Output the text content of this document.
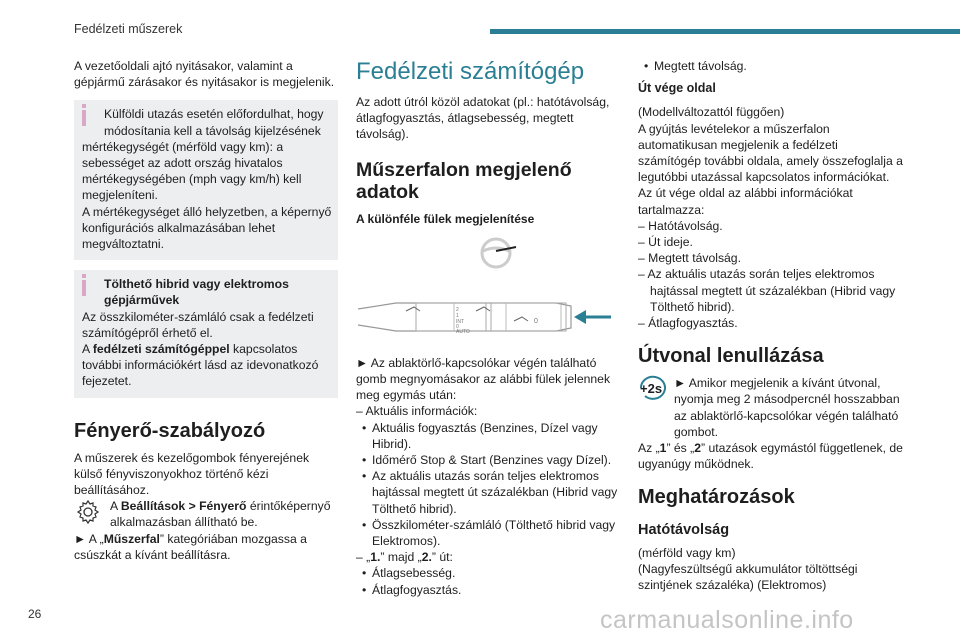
Fedélzeti műszerek

A vezetőoldali ajtó nyitásakor, valamint a gépjármű zárásakor és nyitásakor is megjelenik.

Külföldi utazás esetén előfordulhat, hogy

módosítania kell a távolság kijelzésének

mértékegységét (mérföld vagy km): a sebességet az adott ország hivatalos mértékegységében (mph vagy km/h) kell megjeleníteni.

A mértékegységet álló helyzetben, a képernyő konfigurációs alkalmazásában lehet megváltoztatni.

Tölthető hibrid vagy elektromos gépjárművek

Az összkilométer-számláló csak a fedélzeti számítógépről érhető el.

A fedélzeti számítógéppel kapcsolatos további információkért lásd az idevonatkozó fejezetet.

Fényerő-szabályozó

A műszerek és kezelőgombok fényerejének külső fényviszonyokhoz történő kézi beállításához.

A Beállítások > Fényerő érintőképernyő alkalmazásban állítható be.

► A „Műszerfal” kategóriában mozgassa a csúszkát a kívánt beállításra.

Fedélzeti számítógép

Az adott útról közöl adatokat (pl.: hatótávolság, átlagfogyasztás, átlagsebesség, megtett távolság).

Műszerfalon megjelenő adatok

A különféle fülek megjelenítése

2
1
INT
0
AUTO
0

► Az ablaktörlő-kapcsolókar végén található gomb megnyomásakor az alábbi fülek jelennek meg egymás után:

– Aktuális információk:

• Aktuális fogyasztás (Benzines, Dízel vagy Hibrid).

• Időmérő Stop & Start (Benzines vagy Dízel).

• Az aktuális utazás során teljes elektromos hajtással megtett út százalékban (Hibrid vagy Tölthető hibrid).

• Összkilométer-számláló (Tölthető hibrid vagy Elektromos).

– „1.” majd „2.” út:

• Átlagsebesség.

• Átlagfogyasztás.

• Megtett távolság.

Út vége oldal

(Modellváltozattól függően)

A gyújtás levételekor a műszerfalon automatikusan megjelenik a fedélzeti számítógép további oldala, amely összefoglalja a legutóbbi utazással kapcsolatos információkat.

Az út vége oldal az alábbi információkat tartalmazza:

– Hatótávolság.

– Út ideje.

– Megtett távolság.

– Az aktuális utazás során teljes elektromos hajtással megtett út százalékban (Hibrid vagy Tölthető hibrid).

– Átlagfogyasztás.

Útvonal lenullázása
+2s ► Amikor megjelenik a kívánt útvonal, nyomja meg 2 másodpercnél hosszabban az ablaktörlő-kapcsolókar végén található gombot.

Az „1” és „2” utazások egymástól függetlenek, de ugyanúgy működnek.

Meghatározások

Hatótávolság

(mérföld vagy km)

(Nagyfeszültségű akkumulátor töltöttségi szintjének százaléka) (Elektromos)

26	carmanualsonline.info
